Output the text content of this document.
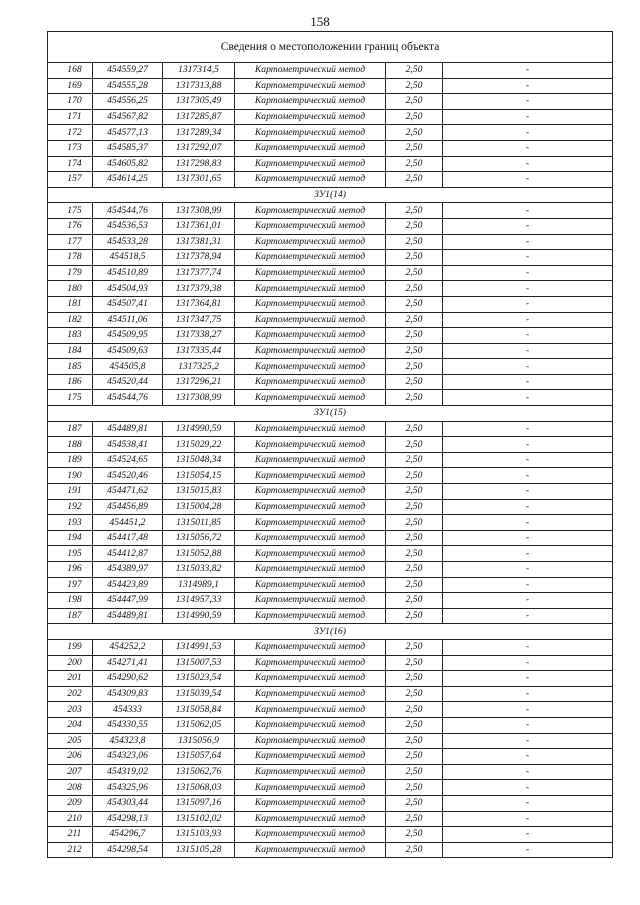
158
Сведения о местоположении границ объекта					
168	454559,27	1317314,5	Картометрический метод	2,50	-
169	454555,28	1317313,88	Картометрический метод	2,50	-
170	454556,25	1317305,49	Картометрический метод	2,50	-
171	454567,82	1317285,87	Картометрический метод	2,50	-
172	454577,13	1317289,34	Картометрический метод	2,50	-
173	454585,37	1317292,07	Картометрический метод	2,50	-
174	454605,82	1317298,83	Картометрический метод	2,50	-
157	454614,25	1317301,65	Картометрический метод	2,50	-
ЗУ1(14)					
175	454544,76	1317308,99	Картометрический метод	2,50	-
176	454536,53	1317361,01	Картометрический метод	2,50	-
177	454533,28	1317381,31	Картометрический метод	2,50	-
178	454518,5	1317378,94	Картометрический метод	2,50	-
179	454510,89	1317377,74	Картометрический метод	2,50	-
180	454504,93	1317379,38	Картометрический метод	2,50	-
181	454507,41	1317364,81	Картометрический метод	2,50	-
182	454511,06	1317347,75	Картометрический метод	2,50	-
183	454509,95	1317338,27	Картометрический метод	2,50	-
184	454509,63	1317335,44	Картометрический метод	2,50	-
185	454505,8	1317325,2	Картометрический метод	2,50	-
186	454520,44	1317296,21	Картометрический метод	2,50	-
175	454544,76	1317308,99	Картометрический метод	2,50	-
ЗУ1(15)					
187	454489,81	1314990,59	Картометрический метод	2,50	-
188	454538,41	1315029,22	Картометрический метод	2,50	-
189	454524,65	1315048,34	Картометрический метод	2,50	-
190	454520,46	1315054,15	Картометрический метод	2,50	-
191	454471,62	1315015,83	Картометрический метод	2,50	-
192	454456,89	1315004,28	Картометрический метод	2,50	-
193	454451,2	1315011,85	Картометрический метод	2,50	-
194	454417,48	1315056,72	Картометрический метод	2,50	-
195	454412,87	1315052,88	Картометрический метод	2,50	-
196	454389,97	1315033,82	Картометрический метод	2,50	-
197	454423,89	1314989,1	Картометрический метод	2,50	-
198	454447,99	1314957,33	Картометрический метод	2,50	-
187	454489,81	1314990,59	Картометрический метод	2,50	-
ЗУ1(16)					
199	454252,2	1314991,53	Картометрический метод	2,50	-
200	454271,41	1315007,53	Картометрический метод	2,50	-
201	454290,62	1315023,54	Картометрический метод	2,50	-
202	454309,83	1315039,54	Картометрический метод	2,50	-
203	454333	1315058,84	Картометрический метод	2,50	-
204	454330,55	1315062,05	Картометрический метод	2,50	-
205	454323,8	1315056,9	Картометрический метод	2,50	-
206	454323,06	1315057,64	Картометрический метод	2,50	-
207	454319,02	1315062,76	Картометрический метод	2,50	-
208	454325,96	1315068,03	Картометрический метод	2,50	-
209	454303,44	1315097,16	Картометрический метод	2,50	-
210	454298,13	1315102,02	Картометрический метод	2,50	-
211	454296,7	1315103,93	Картометрический метод	2,50	-
212	454298,54	1315105,28	Картометрический метод	2,50	-
